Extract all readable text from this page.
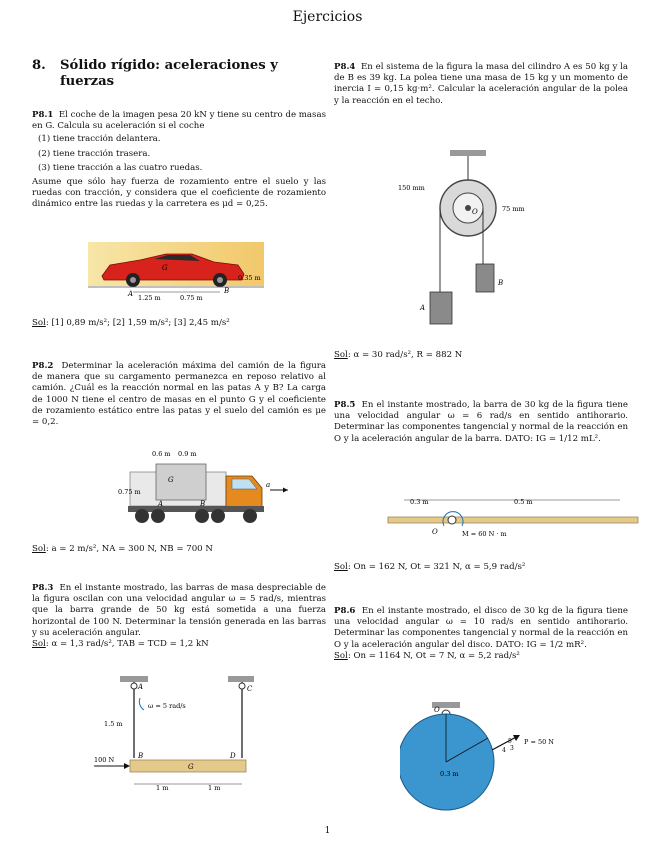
Ejercicios
8. Sólido rígido: aceleraciones y fuerzas

P8.1 El coche de la imagen pesa 20 kN y tiene su centro de masas en G. Calcula su aceleración si el coche

(1) tiene tracción delantera.
(2) tiene tracción trasera.
(3) tiene tracción a las cuatro ruedas.

Asume que sólo hay fuerza de rozamiento entre el suelo y las ruedas con tracción, y considera que el coeficiente de rozamiento dinámico entre las ruedas y la carretera es μd = 0,25.

G
A	B
1.25 m	0.75 m
0.35 m

Sol: [1] 0,89 m/s²; [2] 1,59 m/s²; [3] 2,45 m/s²

P8.2 Determinar la aceleración máxima del camión de la figura de manera que su cargamento permanezca en reposo relativo al camión. ¿Cuál es la reacción normal en las patas A y B? La carga de 1000 N tiene el centro de masas en el punto G y el coeficiente de rozamiento estático entre las patas y el suelo del camión es μe = 0,2.

a
0.6 m 0.9 m
0.75 m
G
A	B

Sol: a = 2 m/s², NA = 300 N, NB = 700 N

P8.3 En el instante mostrado, las barras de masa despreciable de la figura oscilan con una velocidad angular ω = 5 rad/s, mientras que la barra grande de 50 kg está sometida a una fuerza horizontal de 100 N. Determinar la tensión generada en las barras y su aceleración angular.

Sol: α = 1,3 rad/s², TAB = TCD = 1,2 kN

A	C
B	D
G
ω = 5 rad/s
1.5 m
100 N
1 m	1 m

P8.4 En el sistema de la figura la masa del cilindro A es 50 kg y la de B es 39 kg. La polea tiene una masa de 15 kg y un momento de inercia I = 0,15 kg·m². Calcular la aceleración angular de la polea y la reacción en el techo.

150 mm
75 mm
O
A
B

Sol: α = 30 rad/s², R = 882 N

P8.5 En el instante mostrado, la barra de 30 kg de la figura tiene una velocidad angular ω = 6 rad/s en sentido antihorario. Determinar las componentes tangencial y normal de la reacción en O y la aceleración angular de la barra. DATO: IG = 1/12 mL².

0.3 m	0.5 m
O	M = 60 N · m

Sol: On = 162 N, Ot = 321 N, α = 5,9 rad/s²

P8.6 En el instante mostrado, el disco de 30 kg de la figura tiene una velocidad angular ω = 10 rad/s en sentido antihorario. Determinar las componentes tangencial y normal de la reacción en O y la aceleración angular del disco. DATO: IG = 1/2 mR².

Sol: On = 1164 N, Ot = 7 N, α = 5,2 rad/s²

O
0.3 m
P = 50 N
5
3
4
1
